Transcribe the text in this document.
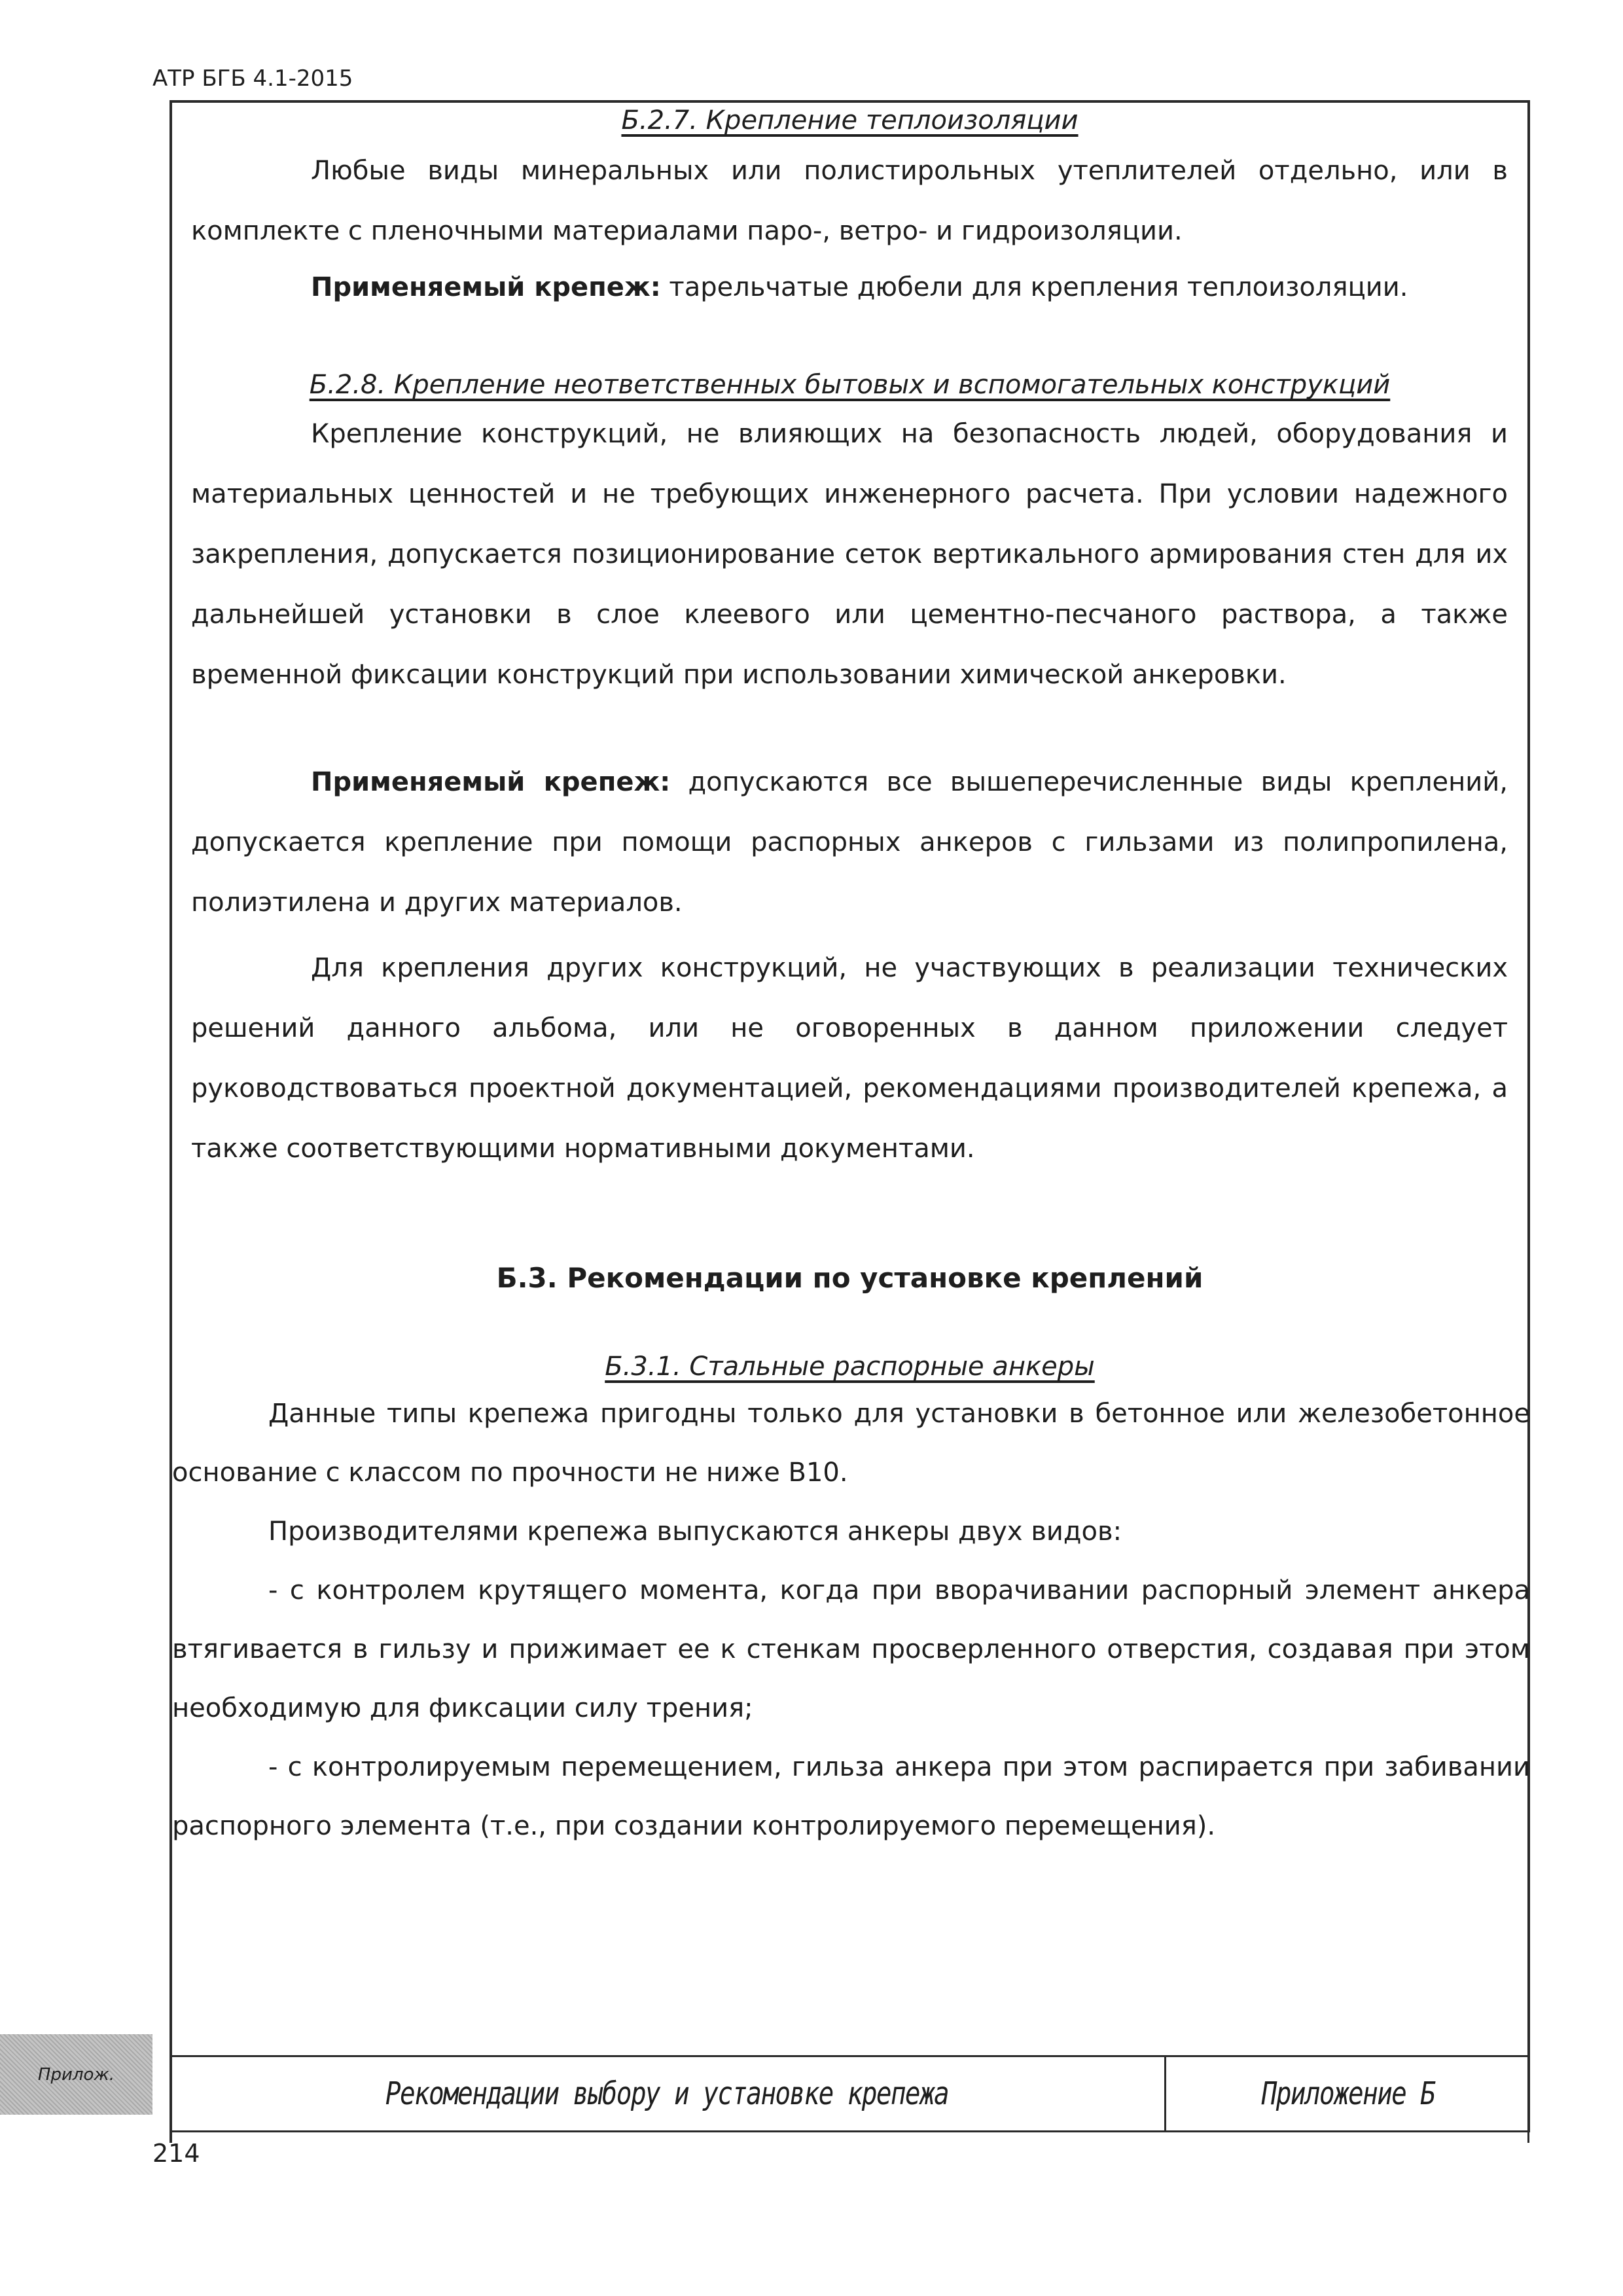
АТР БГБ 4.1-2015
Б.2.7. Крепление теплоизоляции

Любые виды минеральных или полистирольных утеплителей отдельно, или в комплекте с пленочными материалами паро-, ветро- и гидроизоляции.

Применяемый крепеж: тарельчатые дюбели для крепления теплоизоляции.

Б.2.8. Крепление неответственных бытовых и вспомогательных конструкций

Крепление конструкций, не влияющих на безопасность людей, оборудования и материальных ценностей и не требующих инженерного расчета. При условии надежного закрепления, допускается позиционирование сеток вертикального армирования стен для их дальнейшей установки в слое клеевого или цементно-песчаного раствора, а также временной фиксации конструкций при использовании химической анкеровки.

Применяемый крепеж: допускаются все вышеперечисленные виды креплений, допускается крепление при помощи распорных анкеров с гильзами из полипропилена, полиэтилена и других материалов.

Для крепления других конструкций, не участвующих в реализации технических решений данного альбома, или не оговоренных в данном приложении следует руководствоваться проектной документацией, рекомендациями производителей крепежа, а также соответствующими нормативными документами.

Б.3. Рекомендации по установке креплений
Б.3.1. Стальные распорные анкеры

Данные типы крепежа пригодны только для установки в бетонное или железобетонное основание с классом по прочности не ниже В10.

Производителями крепежа выпускаются анкеры двух видов:

- с контролем крутящего момента, когда при вворачивании распорный элемент анкера втягивается в гильзу и прижимает ее к стенкам просверленного отверстия, создавая при этом необходимую для фиксации силу трения;

- с контролируемым перемещением, гильза анкера при этом распирается при забивании распорного элемента (т.е., при создании контролируемого перемещения).

Прилож.
Рекомендации выбору и установке крепежа	Приложение Б
214
